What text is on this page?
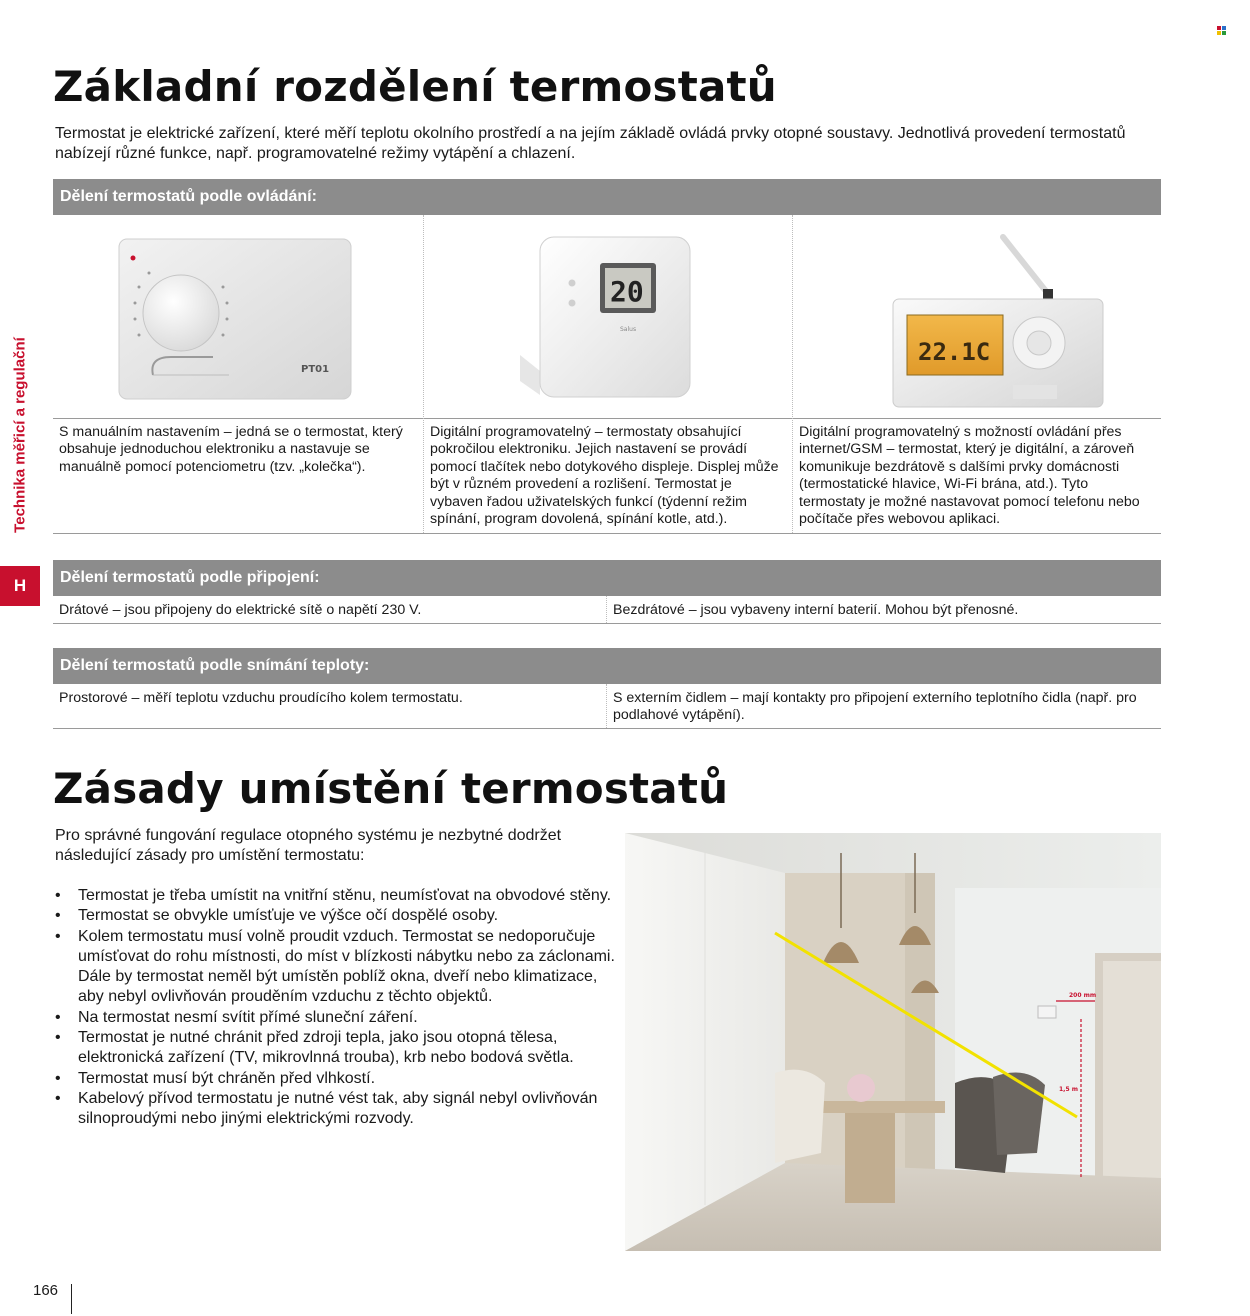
Technika měřicí a regulační
H
Základní rozdělení termostatů
Termostat je elektrické zařízení, které měří teplotu okolního prostředí a na jejím základě ovládá prvky otopné soustavy. Jednotlivá provedení termostatů nabízejí různé funkce, např. programovatelné režimy vytápění a chlazení.
Dělení termostatů podle ovládání:
PT01
S manuálním nastavením – jedná se o termostat, který obsahuje jednoduchou elektroniku a nastavuje se manuálně pomocí potenciometru (tzv. „kolečka“).
20
Salus
Digitální programovatelný – termostaty obsahující pokročilou elektroniku. Jejich nastavení se provádí pomocí tlačítek nebo dotykového displeje. Displej může být v různém provedení a rozlišení. Termostat je vybaven řadou uživatelských funkcí (týdenní režim spínání, program dovolená, spínání kotle, atd.).
22.1C
Digitální programovatelný s možností ovládání přes internet/GSM – termostat, který je digitální, a zároveň komunikuje bezdrátově s dalšími prvky domácnosti (termostatické hlavice, Wi-Fi brána, atd.). Tyto termostaty je možné nastavovat pomocí telefonu nebo počítače přes webovou aplikaci.
Dělení termostatů podle připojení:
Drátové – jsou připojeny do elektrické sítě o napětí 230 V.	Bezdrátové – jsou vybaveny interní baterií. Mohou být přenosné.
Dělení termostatů podle snímání teploty:
Prostorové – měří teplotu vzduchu proudícího kolem termostatu.	S externím čidlem – mají kontakty pro připojení externího teplotního čidla (např. pro podlahové vytápění).
Zásady umístění termostatů
Pro správné fungování regulace otopného systému je nezbytné dodržet následující zásady pro umístění termostatu:
• Termostat je třeba umístit na vnitřní stěnu, neumísťovat na obvodové stěny.
• Termostat se obvykle umísťuje ve výšce očí dospělé osoby.
• Kolem termostatu musí volně proudit vzduch. Termostat se nedoporučuje umísťovat do rohu místnosti, do míst v blízkosti nábytku nebo za záclonami. Dále by termostat neměl být umístěn poblíž okna, dveří nebo klimatizace, aby nebyl ovlivňován prouděním vzduchu z těchto objektů.
• Na termostat nesmí svítit přímé sluneční záření.
• Termostat je nutné chránit před zdroji tepla, jako jsou otopná tělesa, elektronická zařízení (TV, mikrovlnná trouba), krb nebo bodová světla.
• Termostat musí být chráněn před vlhkostí.
• Kabelový přívod termostatu je nutné vést tak, aby signál nebyl ovlivňován silnoproudými nebo jinými elektrickými rozvody.
200 mm
1,5 m
166
